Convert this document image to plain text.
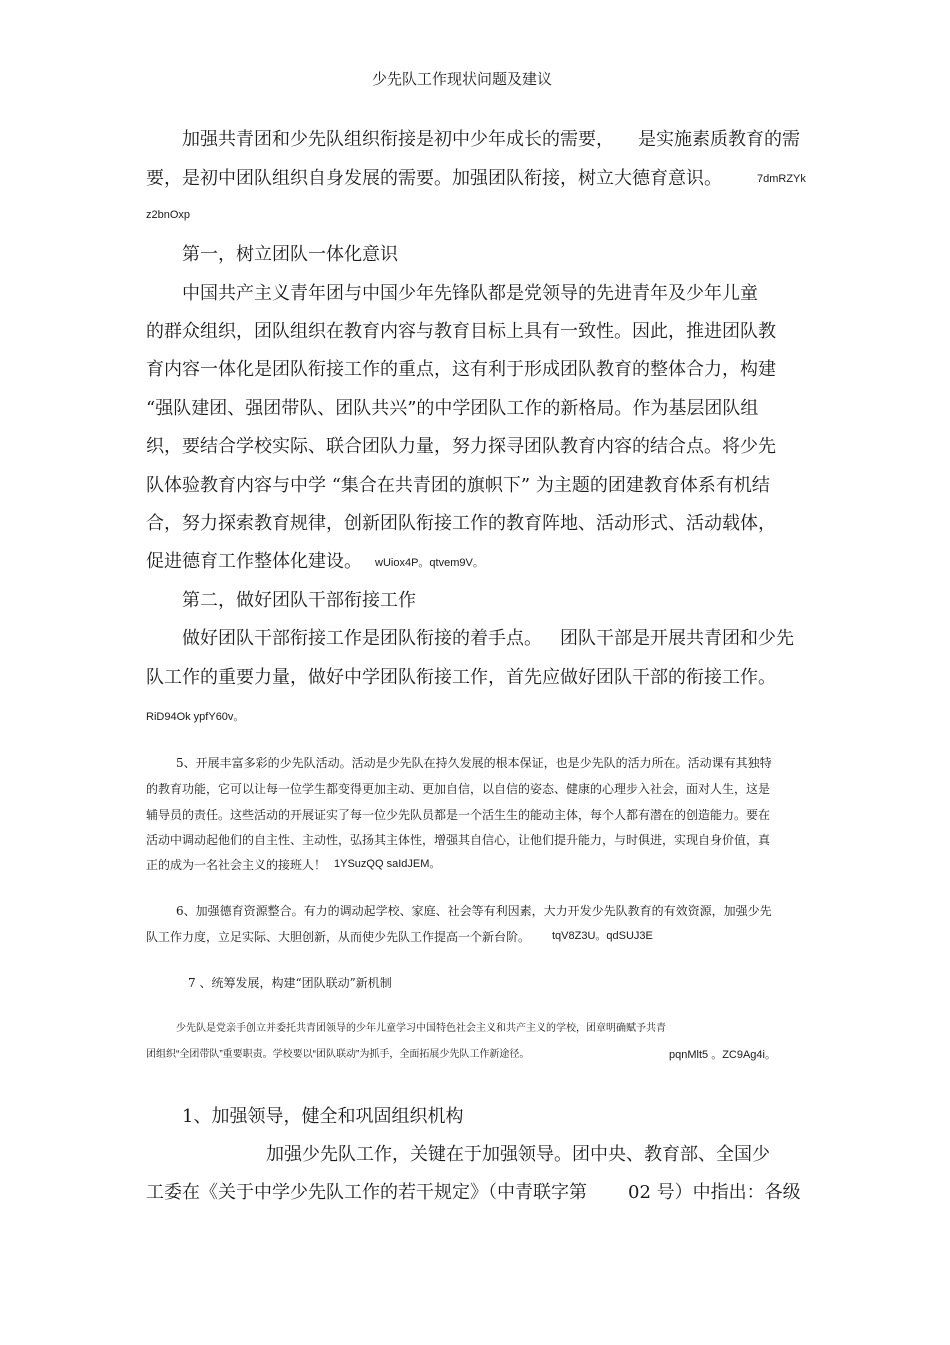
少先队工作现状问题及建议
加强共青团和少先队组织衔接是初中少年成长的需要， 是实施素质教育的需
要，是初中团队组织自身发展的需要。加强团队衔接，树立大德育意识。	7dmRZYk
z2bnOxp
第一，树立团队一体化意识
中国共产主义青年团与中国少年先锋队都是党领导的先进青年及少年儿童
的群众组织，团队组织在教育内容与教育目标上具有一致性。因此，推进团队教
育内容一体化是团队衔接工作的重点，这有利于形成团队教育的整体合力，构建
“强队建团、强团带队、团队共兴”的中学团队工作的新格局。作为基层团队组
织，要结合学校实际、联合团队力量，努力探寻团队教育内容的结合点。将少先
队体验教育内容与中学 “集合在共青团的旗帜下” 为主题的团建教育体系有机结
合，努力探索教育规律，创新团队衔接工作的教育阵地、活动形式、活动载体，
促进德育工作整体化建设。 wUiox4P。qtvem9V。
第二，做好团队干部衔接工作
做好团队干部衔接工作是团队衔接的着手点。 团队干部是开展共青团和少先
队工作的重要力量，做好中学团队衔接工作，首先应做好团队干部的衔接工作。
RiD94Ok ypfY60v。
5、开展丰富多彩的少先队活动。活动是少先队在持久发展的根本保证，也是少先队的活力所在。活动课有其独特
的教育功能，它可以让每一位学生都变得更加主动、更加自信，以自信的姿态、健康的心理步入社会，面对人生，这是
辅导员的责任。这些活动的开展证实了每一位少先队员都是一个活生生的能动主体，每个人都有潜在的创造能力。要在
活动中调动起他们的自主性、主动性，弘扬其主体性，增强其自信心，让他们提升能力，与时俱进，实现自身价值，真
正的成为一名社会主义的接班人！ 1YSuzQQ saIdJEM。
6、加强德育资源整合。有力的调动起学校、家庭、社会等有利因素，大力开发少先队教育的有效资源，加强少先
队工作力度，立足实际、大胆创新，从而使少先队工作提高一个新台阶。 tqV8Z3U。qdSUJ3E
7 、统筹发展，构建“团队联动”新机制
少先队是党亲手创立并委托共青团领导的少年儿童学习中国特色社会主义和共产主义的学校，团章明确赋予共青
团组织“全团带队”重要职责。学校要以“团队联动”为抓手，全面拓展少先队工作新途径。	pqnMlt5 。ZC9Ag4i。
1、加强领导，健全和巩固组织机构
加强少先队工作，关键在于加强领导。团中央、教育部、全国少
工委在《关于中学少先队工作的若干规定》（中青联字第 02 号）中指出：各级
